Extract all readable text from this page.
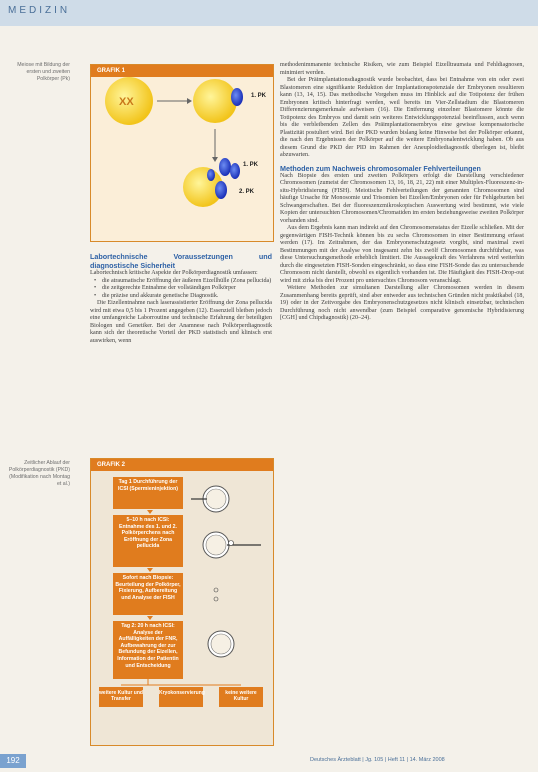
MEDIZIN
Meiose mit Bildung der ersten und zweiten Polkörper (Pk)
Zeitlicher Ablauf der Polkörperdiagnostik (PKD) (Modifikation nach Montag et al.)
GRAFIK 1
XX	1. PK
1. PK
2. PK
Labortechnische Voraussetzungen und diagnostische Sicherheit

Labortechnisch kritische Aspekte der Polkörperdiagnostik umfassen:

• die atraumatische Eröffnung der äußeren Eizellhülle (Zona pellucida)
• die zeitgerechte Entnahme der vollständigen Polkörper
• die präzise und akkurate genetische Diagnostik.

Die Eizellentnahme nach laserassistierter Eröffnung der Zona pellucida wird mit etwa 0,5 bis 1 Prozent angegeben (12). Essenziell bleiben jedoch eine umfangreiche Laborroutine und technische Erfahrung der beteiligten Biologen und Genetiker. Bei der Anamnese nach Polkörperdiagnostik kann sich der theoretische Vorteil der PKD statistisch und klinisch erst auswirken, wenn

GRAFIK 2
Tag 1 Durchführung der ICSI (Spermieninjektion)
5–10 h nach ICSI: Entnahme des 1. und 2. Polkörperchens nach Eröffnung der Zona pellucida
Sofort nach Biopsie: Beurteilung der Polkörper, Fixierung, Aufbereitung und Analyse der FISH
Tag 2: 20 h nach ICSI: Analyse der Auffälligkeiten der FNR, Aufbewahrung der zur Befundung der Eizellen, Information der Patientin und Entscheidung
weitere Kultur und Transfer
Kryokonservierung	keine weitere Kultur

methodenimmanente technische Risiken, wie zum Beispiel Eizelltraumata und Fehldiagnosen, minimiert werden.

Bei der Präimplantationsdiagnostik wurde beobachtet, dass bei Entnahme von ein oder zwei Blastomeren eine signifikante Reduktion der Implantationspotenziale der Embryonen resultieren kann (13, 14, 15). Das methodische Vorgehen muss im Hinblick auf die Totipotenz der frühen Embryonen kritisch hinterfragt werden, weil bereits im Vier-Zellstadium die Blastomeren Differenzierungsmerkmale aufweisen (16). Die Entfernung einzelner Blastomere könnte die Totipotenz des Embryos und damit sein weiteres Entwicklungspotenzial beeinflussen, auch wenn bis die verbleibenden Zellen des Präimplantationsembryos eine gewisse kompensatorische Plastizität postuliert wird. Bei der PKD wurden bislang keine Hinweise bei der Polkörper erkannt, die nach den Ergebnissen der Polkörper auf die weitere Embryonalentwicklung haben. Ob aus diesem Grund die PKD der PID im Rahmen der Aneuploidiediagnostik überlegen ist, bleibt abzuwarten.

Methoden zum Nachweis chromosomaler Fehlverteilungen

Nach Biopsie des ersten und zweiten Polkörpers erfolgt die Darstellung verschiedener Chromosomen (zumeist der Chromosomen 13, 16, 18, 21, 22) mit einer Multiplex-Fluoreszenz-in-situ-Hybridisierung (FISH). Meiotische Fehlverteilungen der genannten Chromosomen sind häufige Ursache für Monosomie und Trisomien bei Eizellen/Embryonen oder für Fehlgeburten bei Schwangerschaften. Bei der fluoreszenzmikroskopischen Auswertung wird bestimmt, wie viele Kopien der untersuchten Chromosomen/Chromatiden im ersten beziehungsweise zweiten Polkörper vorhanden sind.

Aus dem Ergebnis kann man indirekt auf den Chromosomenstatus der Eizelle schließen. Mit der gegenwärtigen FISH-Technik können bis zu sechs Chromosomen in einer Bestimmung erfasst werden (17). Im Zeitrahmen, der das Embryonenschutzgesetz vorgibt, sind maximal zwei Bestimmungen mit der Analyse von insgesamt zehn bis zwölf Chromosomen durchführbar, was diese Untersuchungsmethode erheblich limitiert. Die Aussagekraft des Verfahrens wird weiterhin durch die eingesetzten FISH-Sonden eingeschränkt, so dass eine FISH-Sonde das zu untersuchende Chromosom nicht darstellt, obwohl es eigentlich vorhanden ist. Die Häufigkeit des FISH-Drop-out wird mit zirka bis drei Prozent pro untersuchtes Chromosom veranschlagt.

Weitere Methoden zur simultanen Darstellung aller Chromosomen werden in diesem Zusammenhang bereits geprüft, sind aber entweder aus technischen Gründen nicht praktikabel (18, 19) oder in der Zeitvorgabe des Embryonenschutzgesetzes nicht klinisch einsetzbar, technischen Durchführung noch nicht anwendbar (zum Beispiel comparative genomische Hybridisierung [CGH] und Chipdiagnostik) (20–24).

192	Deutsches Ärzteblatt | Jg. 105 | Heft 11 | 14. März 2008
